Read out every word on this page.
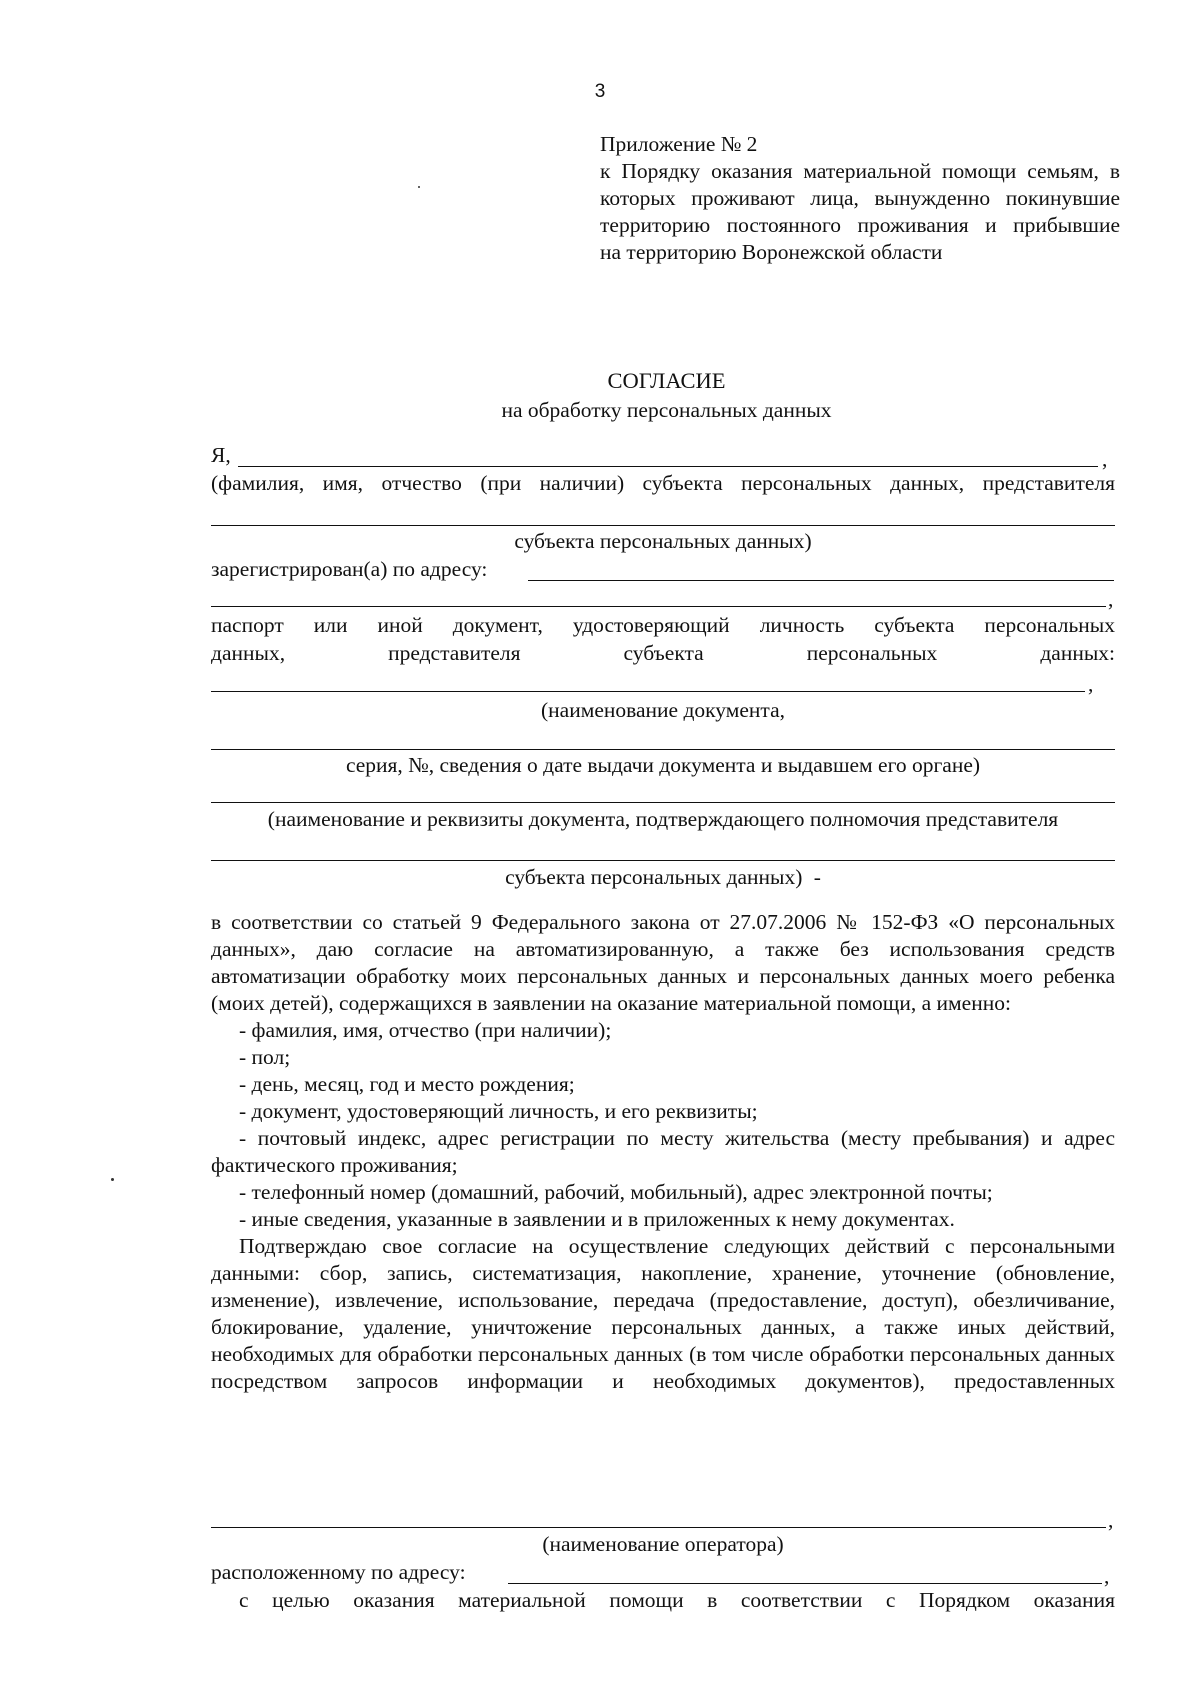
3
Приложение № 2
к Порядку оказания материальной помощи семьям, в
которых проживают лица, вынужденно покинувшие
территорию постоянного проживания и прибывшие
на территорию Воронежской области
СОГЛАСИЕ
на обработку персональных данных
Я,	,
(фамилия, имя, отчество (при наличии) субъекта персональных данных, представителя
субъекта персональных данных)
зарегистрирован(а) по адресу:
,
паспорт или иной документ, удостоверяющий личность субъекта персональных
данных, представителя субъекта персональных данных:
,
(наименование документа,
серия, №, сведения о дате выдачи документа и выдавшем его органе)
(наименование и реквизиты документа, подтверждающего полномочия представителя
субъекта персональных данных) -

в соответствии со статьей 9 Федерального закона от 27.07.2006 № 152-ФЗ «О персональных данных», даю согласие на автоматизированную, а также без использования средств автоматизации обработку моих персональных данных и персональных данных моего ребенка (моих детей), содержащихся в заявлении на оказание материальной помощи, а именно:

- фамилия, имя, отчество (при наличии);

- пол;

- день, месяц, год и место рождения;

- документ, удостоверяющий личность, и его реквизиты;

- почтовый индекс, адрес регистрации по месту жительства (месту пребывания) и адрес фактического проживания;

- телефонный номер (домашний, рабочий, мобильный), адрес электронной почты;

- иные сведения, указанные в заявлении и в приложенных к нему документах.

Подтверждаю свое согласие на осуществление следующих действий с персональными данными: сбор, запись, систематизация, накопление, хранение, уточнение (обновление, изменение), извлечение, использование, передача (предоставление, доступ), обезличивание, блокирование, удаление, уничтожение персональных данных, а также иных действий, необходимых для обработки персональных данных (в том числе обработки персональных данных посредством запросов информации и необходимых документов), предоставленных

,
(наименование оператора)
расположенному по адресу:	,
с целью оказания материальной помощи в соответствии с Порядком оказания
